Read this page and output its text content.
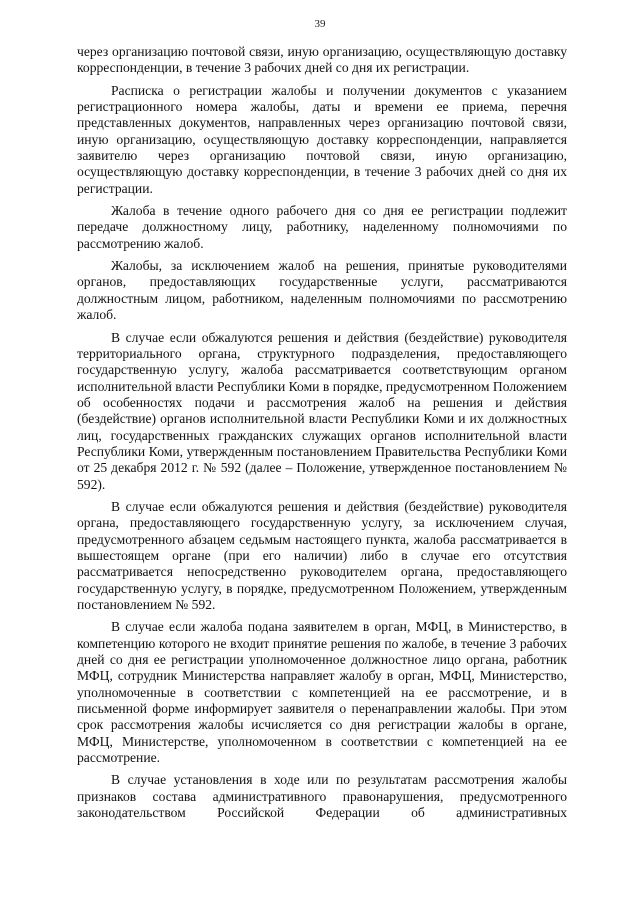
39

через организацию почтовой связи, иную организацию, осуществляющую доставку корреспонденции, в течение 3 рабочих дней со дня их регистрации.

Расписка о регистрации жалобы и получении документов с указанием регистрационного номера жалобы, даты и времени ее приема, перечня представленных документов, направленных через организацию почтовой связи, иную организацию, осуществляющую доставку корреспонденции, направляется заявителю через организацию почтовой связи, иную организацию, осуществляющую доставку корреспонденции, в течение 3 рабочих дней со дня их регистрации.

Жалоба в течение одного рабочего дня со дня ее регистрации подлежит передаче должностному лицу, работнику, наделенному полномочиями по рассмотрению жалоб.

Жалобы, за исключением жалоб на решения, принятые руководителями органов, предоставляющих государственные услуги, рассматриваются должностным лицом, работником, наделенным полномочиями по рассмотрению жалоб.

В случае если обжалуются решения и действия (бездействие) руководителя территориального органа, структурного подразделения, предоставляющего государственную услугу, жалоба рассматривается соответствующим органом исполнительной власти Республики Коми в порядке, предусмотренном Положением об особенностях подачи и рассмотрения жалоб на решения и действия (бездействие) органов исполнительной власти Республики Коми и их должностных лиц, государственных гражданских служащих органов исполнительной власти Республики Коми, утвержденным постановлением Правительства Республики Коми от 25 декабря 2012 г. № 592 (далее – Положение, утвержденное постановлением № 592).

В случае если обжалуются решения и действия (бездействие) руководителя органа, предоставляющего государственную услугу, за исключением случая, предусмотренного абзацем седьмым настоящего пункта, жалоба рассматривается в вышестоящем органе (при его наличии) либо в случае его отсутствия рассматривается непосредственно руководителем органа, предоставляющего государственную услугу, в порядке, предусмотренном Положением, утвержденным постановлением № 592.

В случае если жалоба подана заявителем в орган, МФЦ, в Министерство, в компетенцию которого не входит принятие решения по жалобе, в течение 3 рабочих дней со дня ее регистрации уполномоченное должностное лицо органа, работник МФЦ, сотрудник Министерства направляет жалобу в орган, МФЦ, Министерство, уполномоченные в соответствии с компетенцией на ее рассмотрение, и в письменной форме информирует заявителя о перенаправлении жалобы. При этом срок рассмотрения жалобы исчисляется со дня регистрации жалобы в органе, МФЦ, Министерстве, уполномоченном в соответствии с компетенцией на ее рассмотрение.

В случае установления в ходе или по результатам рассмотрения жалобы признаков состава административного правонарушения, предусмотренного законодательством Российской Федерации об административных
